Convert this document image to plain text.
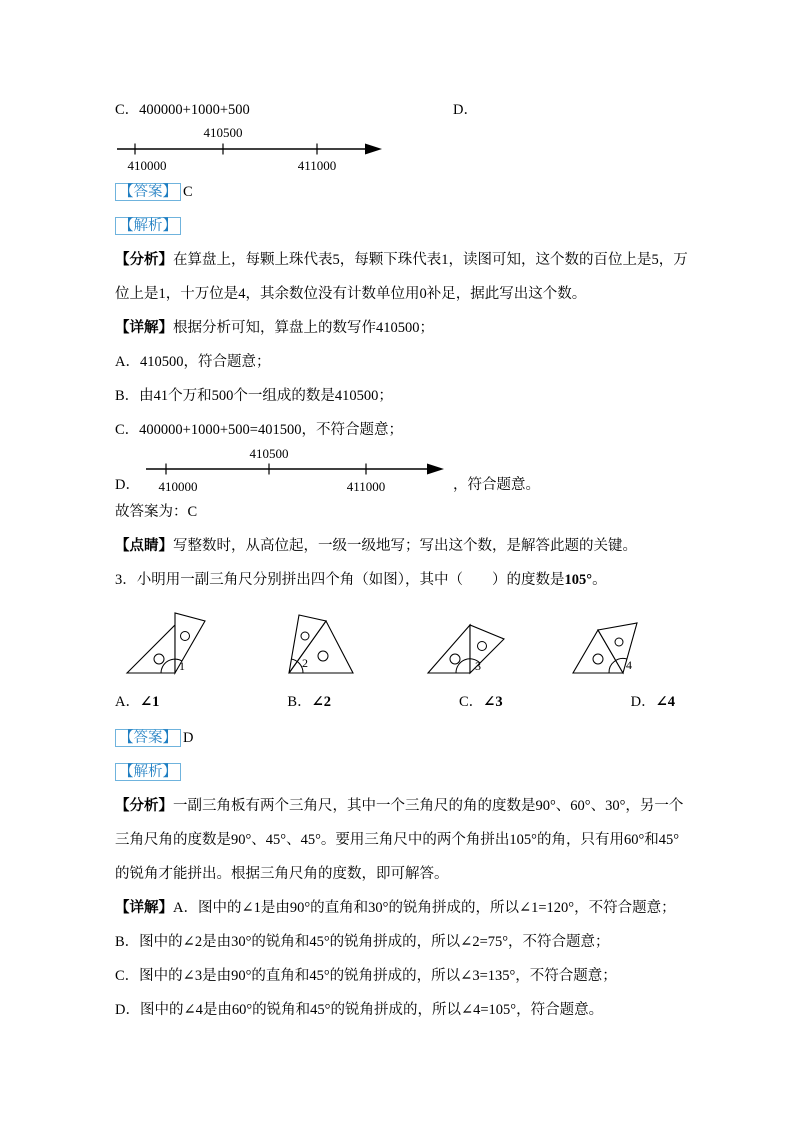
C．400000+1000+500	D．
410500
410000	411000

【答案】 C

【解析】

【分析】在算盘上，每颗上珠代表5，每颗下珠代表1，读图可知，这个数的百位上是5，万位上是1，十万位是4，其余数位没有计数单位用0补足，据此写出这个数。

【详解】根据分析可知，算盘上的数写作410500；

A．410500，符合题意；

B．由41个万和500个一组成的数是410500；

C．400000+1000+500=401500，不符合题意；

D．
410500
410000	411000	，符合题意。

故答案为：C

【点睛】写整数时，从高位起，一级一级地写；写出这个数，是解答此题的关键。

3．小明用一副三角尺分别拼出四个角（如图），其中（　　）的度数是105°。

1	2	3	4
A．∠1	B．∠2	C．∠3	D．∠4

【答案】 D

【解析】

【分析】一副三角板有两个三角尺，其中一个三角尺的角的度数是90°、60°、30°，另一个三角尺角的度数是90°、45°、45°。要用三角尺中的两个角拼出105°的角，只有用60°和45°的锐角才能拼出。根据三角尺角的度数，即可解答。

【详解】A．图中的∠1是由90°的直角和30°的锐角拼成的，所以∠1=120°，不符合题意；

B．图中的∠2是由30°的锐角和45°的锐角拼成的，所以∠2=75°，不符合题意；

C．图中的∠3是由90°的直角和45°的锐角拼成的，所以∠3=135°，不符合题意；

D．图中的∠4是由60°的锐角和45°的锐角拼成的，所以∠4=105°，符合题意。
